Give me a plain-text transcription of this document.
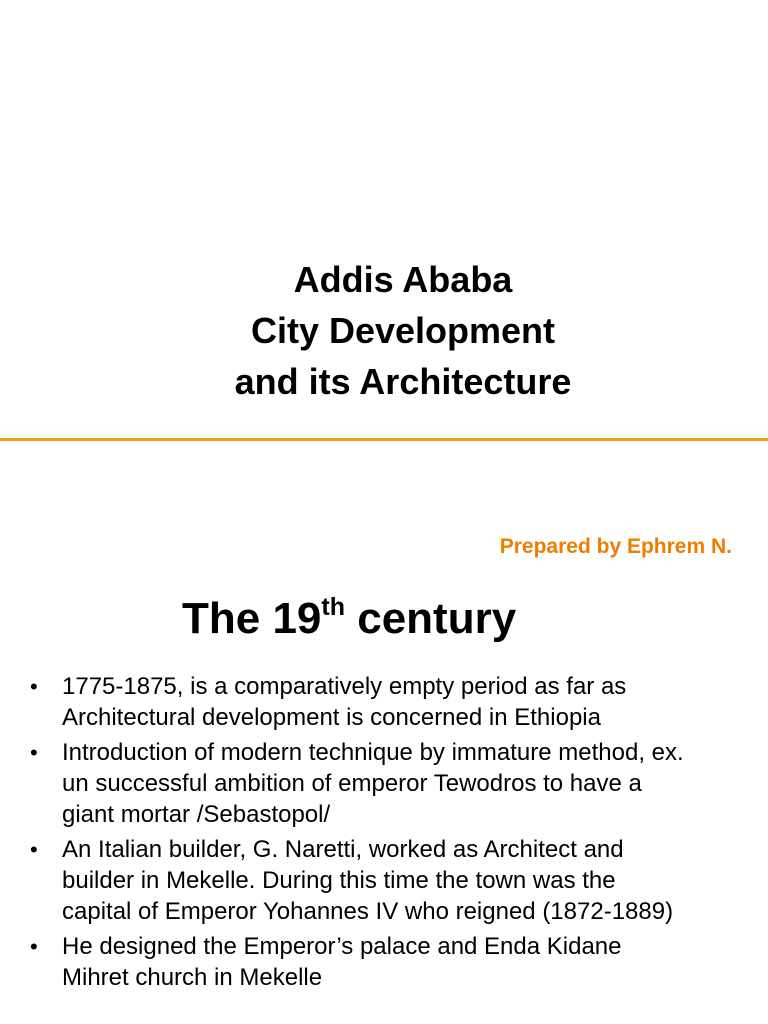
Addis Ababa
City Development
and its Architecture
Prepared by Ephrem N.
The 19th century
•	1775-1875, is a comparatively empty period as far as
Architectural development is concerned in Ethiopia
•	Introduction of modern technique by immature method, ex.
un successful ambition of emperor Tewodros to have a
giant mortar /Sebastopol/
•	An Italian builder, G. Naretti, worked as Architect and
builder in Mekelle. During this time the town was the
capital of Emperor Yohannes IV who reigned (1872-1889)
•	He designed the Emperor’s palace and Enda Kidane
Mihret church in Mekelle
